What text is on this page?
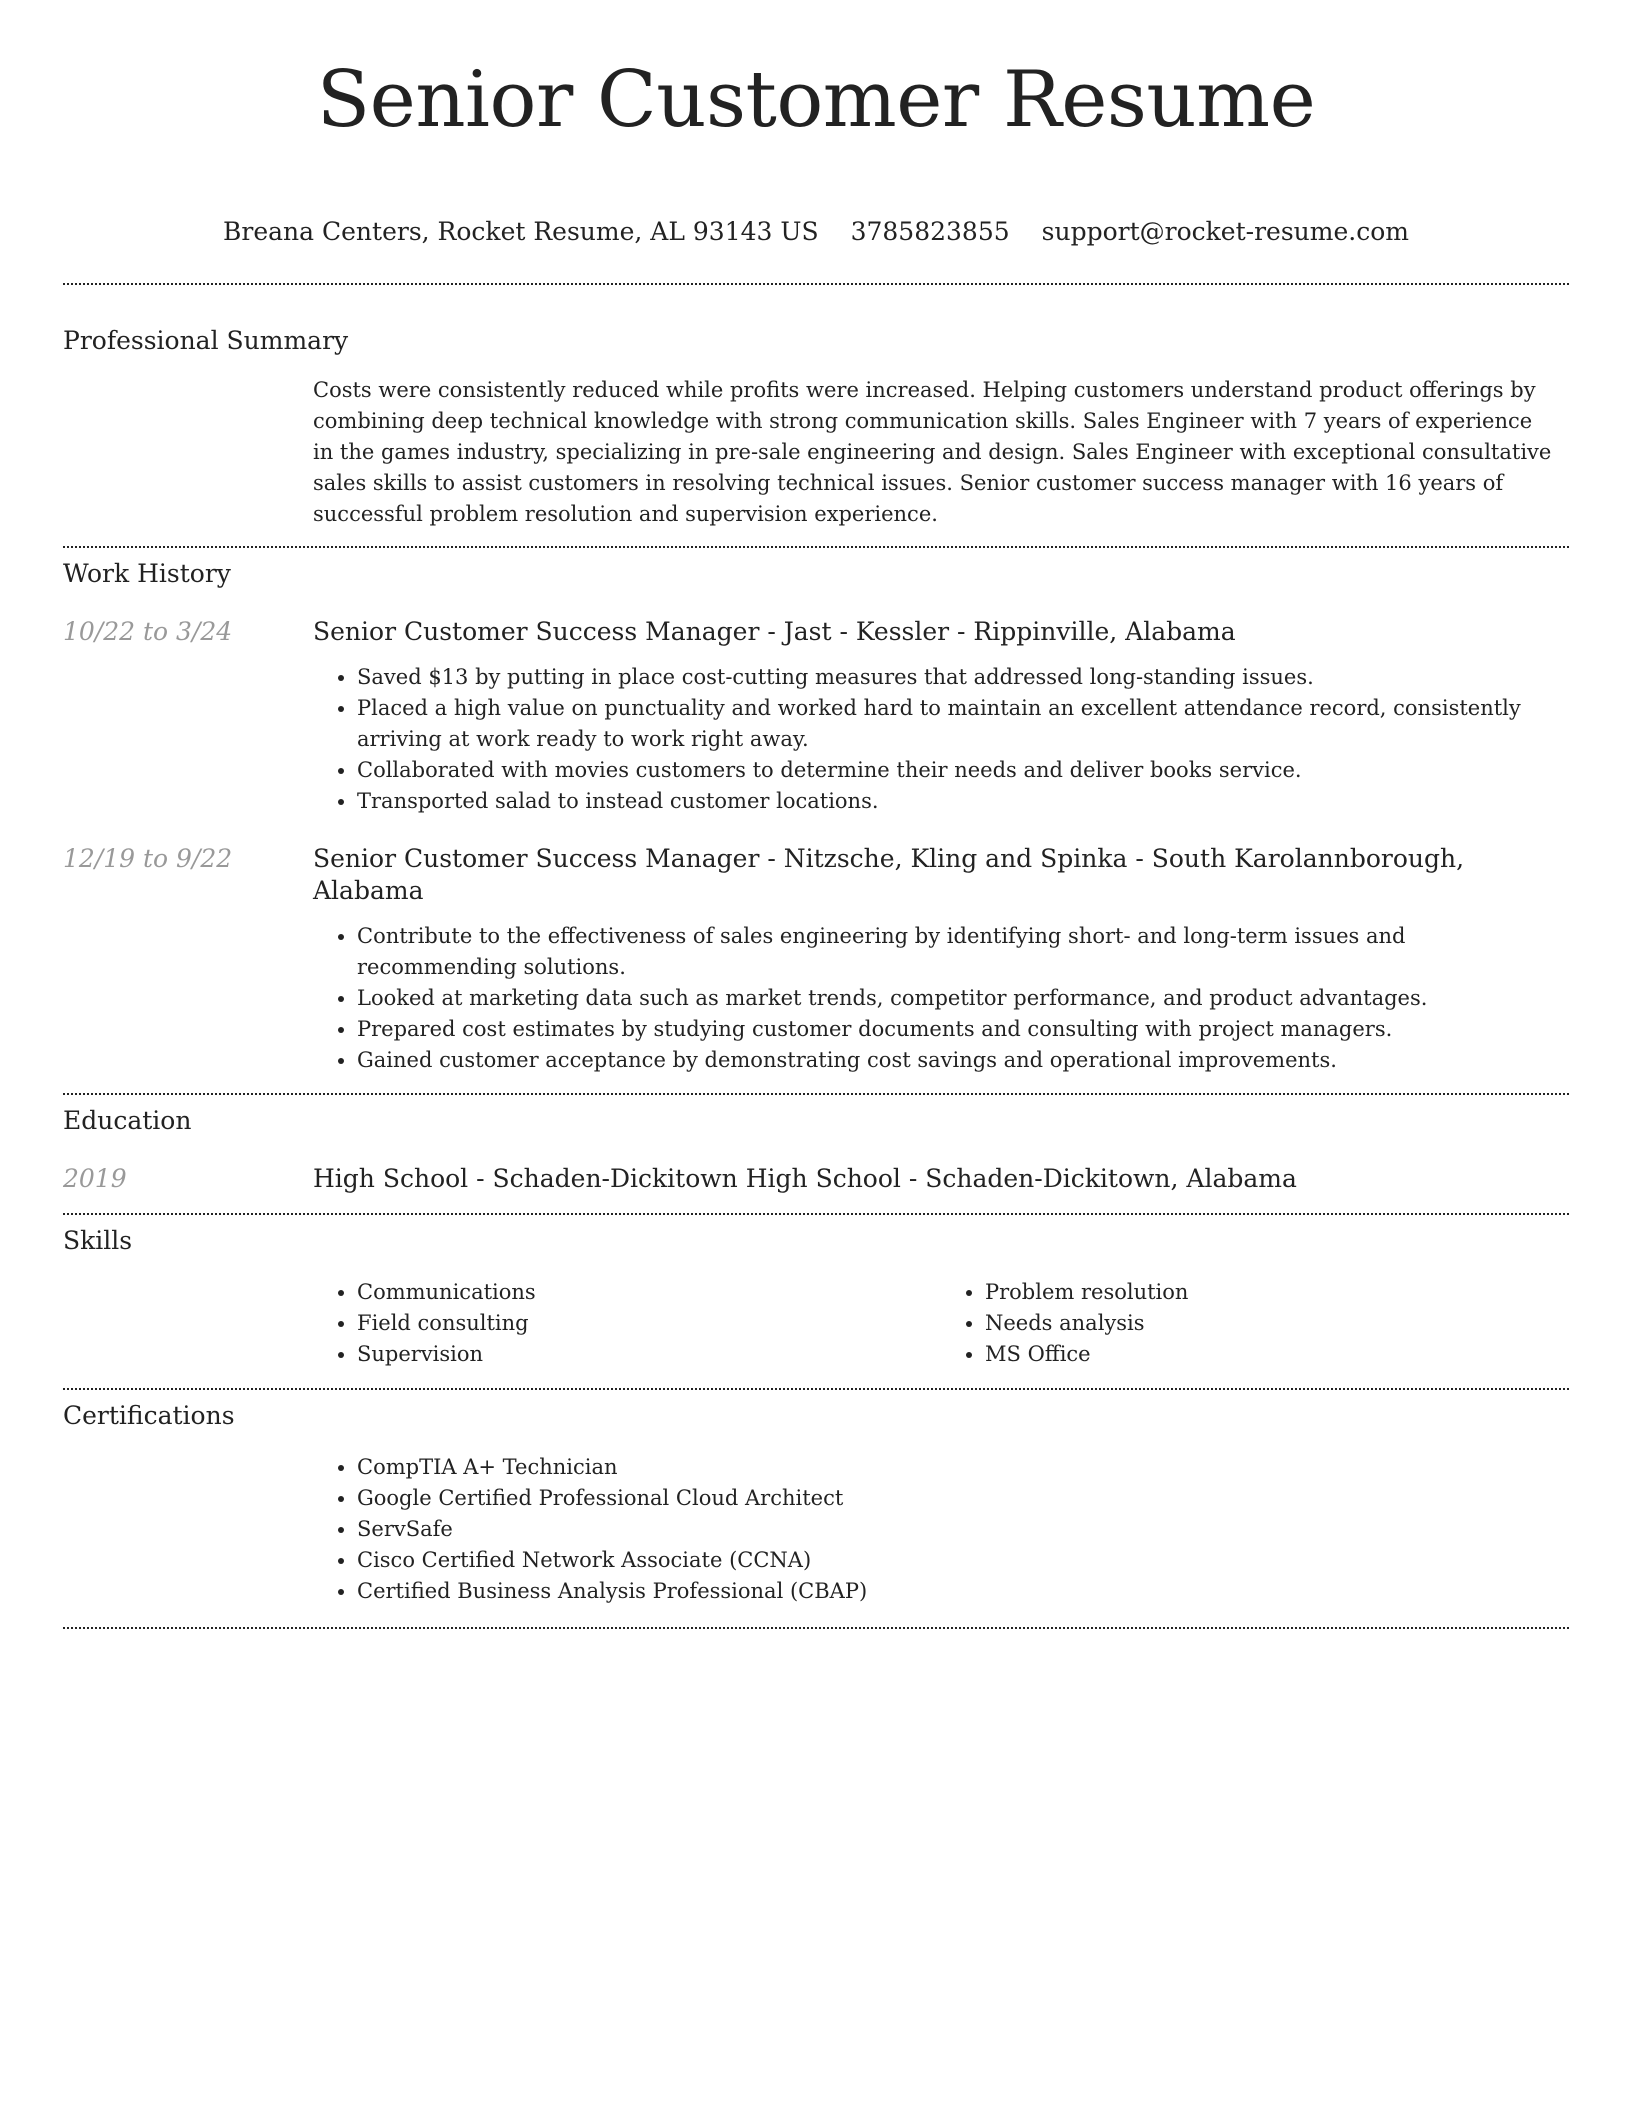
Senior Customer Resume
Breana Centers, Rocket Resume, AL 93143 US 3785823855 support@rocket-resume.com
Professional Summary

Costs were consistently reduced while profits were increased. Helping customers understand product offerings by combining deep technical knowledge with strong communication skills. Sales Engineer with 7 years of experience in the games industry, specializing in pre-sale engineering and design. Sales Engineer with exceptional consultative sales skills to assist customers in resolving technical issues. Senior customer success manager with 16 years of successful problem resolution and supervision experience.

Work History
10/22 to 3/24	Senior Customer Success Manager - Jast - Kessler - Rippinville, Alabama
• Saved $13 by putting in place cost-cutting measures that addressed long-standing issues.
• Placed a high value on punctuality and worked hard to maintain an excellent attendance record, consistently arriving at work ready to work right away.
• Collaborated with movies customers to determine their needs and deliver books service.
• Transported salad to instead customer locations.
12/19 to 9/22	Senior Customer Success Manager - Nitzsche, Kling and Spinka - South Karolannborough, Alabama
• Contribute to the effectiveness of sales engineering by identifying short- and long-term issues and recommending solutions.
• Looked at marketing data such as market trends, competitor performance, and product advantages.
• Prepared cost estimates by studying customer documents and consulting with project managers.
• Gained customer acceptance by demonstrating cost savings and operational improvements.
Education
2019	High School - Schaden-Dickitown High School - Schaden-Dickitown, Alabama
Skills
• Communications
• Field consulting
• Supervision
• Problem resolution
• Needs analysis
• MS Office
Certifications
• CompTIA A+ Technician
• Google Certified Professional Cloud Architect
• ServSafe
• Cisco Certified Network Associate (CCNA)
• Certified Business Analysis Professional (CBAP)
